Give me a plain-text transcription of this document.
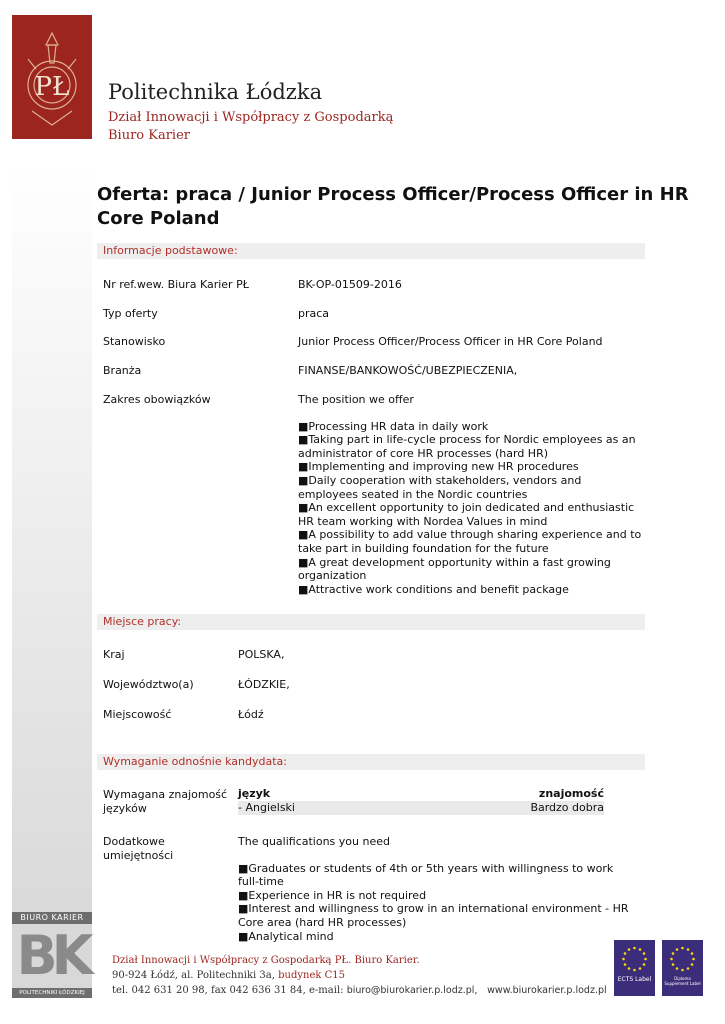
PŁ Politechnika Łódzka
Dział Innowacji i Współpracy z Gospodarką
Biuro Karier
Oferta: praca / Junior Process Officer/Process Officer in HR Core Poland
Informacje podstawowe:
Nr ref.wew. Biura Karier PŁ	BK-OP-01509-2016
Typ oferty	praca
Stanowisko	Junior Process Officer/Process Officer in HR Core Poland
Branża	FINANSE/BANKOWOŚĆ/UBEZPIECZENIA,
Zakres obowiązków	The position we offer
■Processing HR data in daily work
■Taking part in life-cycle process for Nordic employees as an administrator of core HR processes (hard HR)
■Implementing and improving new HR procedures
■Daily cooperation with stakeholders, vendors and employees seated in the Nordic countries
■An excellent opportunity to join dedicated and enthusiastic HR team working with Nordea Values in mind
■A possibility to add value through sharing experience and to take part in building foundation for the future
■A great development opportunity within a fast growing organization
■Attractive work conditions and benefit package
Miejsce pracy:
Kraj	POLSKA,
Województwo(a)	ŁÓDZKIE,
Miejscowość	Łódź
Wymaganie odnośnie kandydata:
Wymagana znajomość języków
język	znajomość
- Angielski	Bardzo dobra
Dodatkowe umiejętności
The qualifications you need
■Graduates or students of 4th or 5th years with willingness to work full-time
■Experience in HR is not required
■Interest and willingness to grow in an international environment - HR Core area (hard HR processes)
■Analytical mind
BIURO KARIER
BK
POLITECHNIKI ŁÓDZKIEJ
Dział Innowacji i Współpracy z Gospodarką PŁ. Biuro Karier.
90-924 Łódź, al. Politechniki 3a, budynek C15
tel. 042 631 20 98, fax 042 636 31 84, e-mail: biuro@biurokarier.p.lodz.pl, www.biurokarier.p.lodz.pl
ECTS Label	Diploma Supplement Label
